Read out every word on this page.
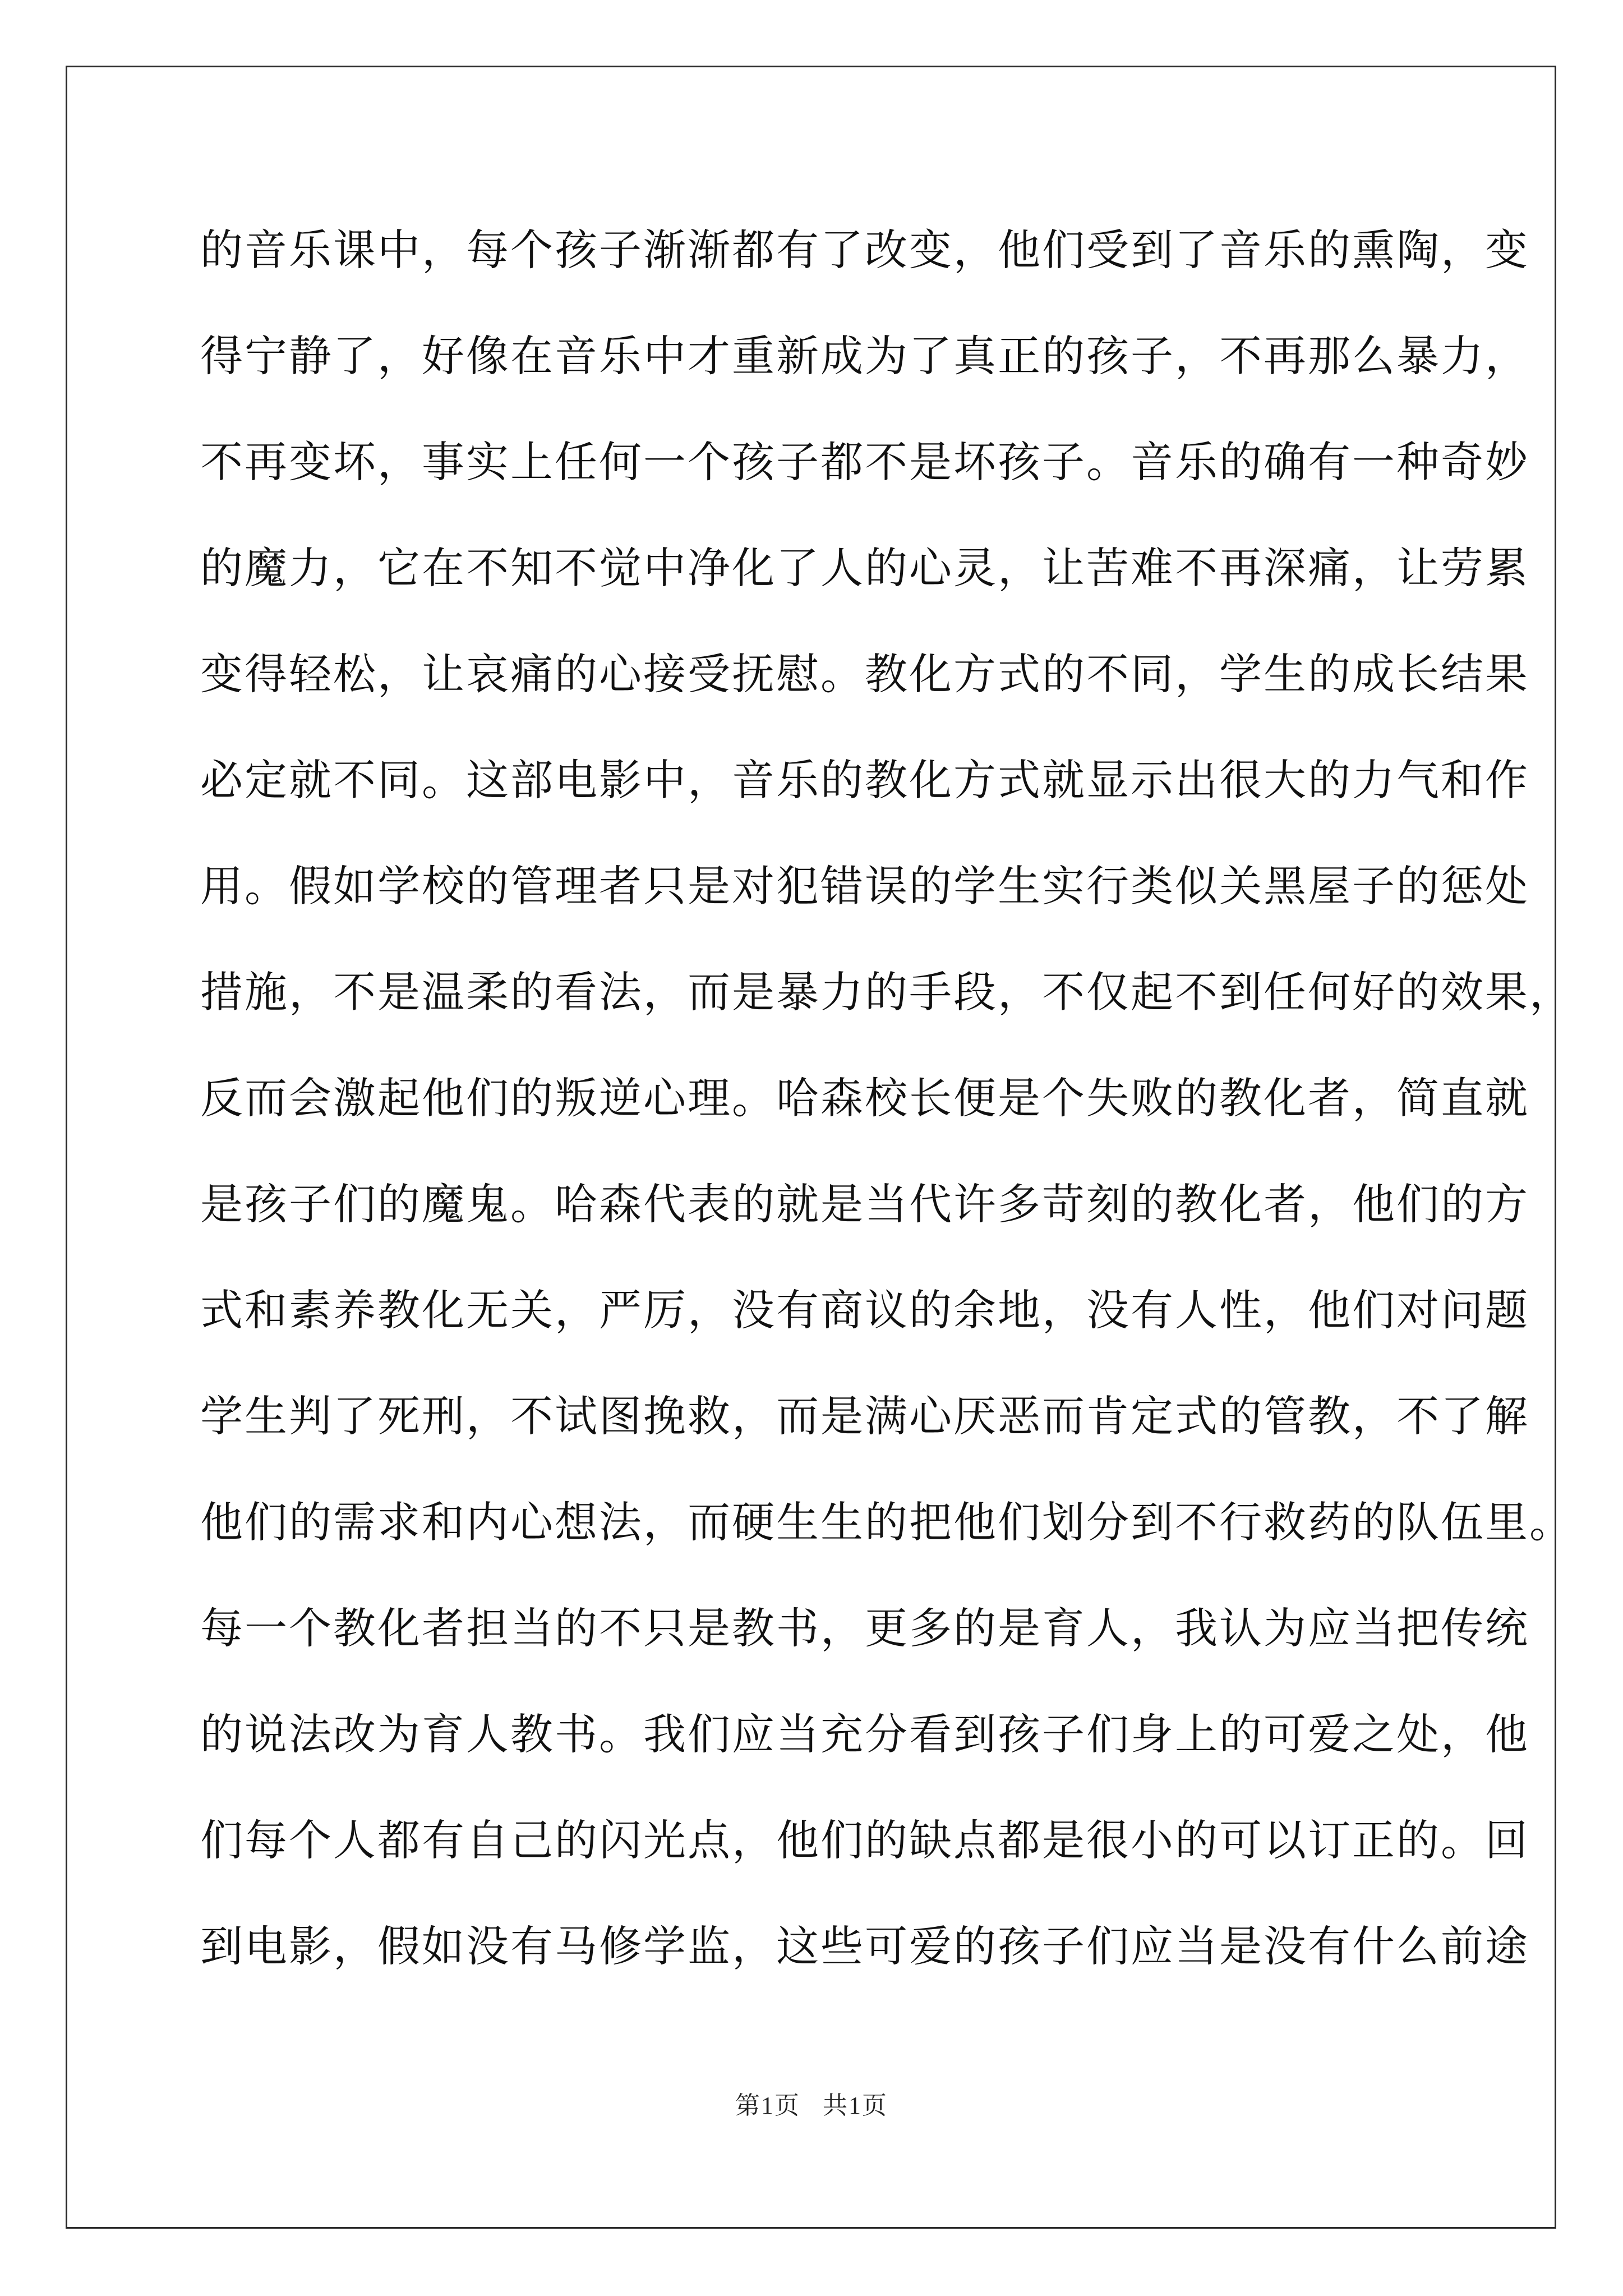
的音乐课中，每个孩子渐渐都有了改变，他们受到了音乐的熏陶，变
得宁静了，好像在音乐中才重新成为了真正的孩子，不再那么暴力，
不再变坏，事实上任何一个孩子都不是坏孩子。音乐的确有一种奇妙
的魔力，它在不知不觉中净化了人的心灵，让苦难不再深痛，让劳累
变得轻松，让哀痛的心接受抚慰。教化方式的不同，学生的成长结果
必定就不同。这部电影中，音乐的教化方式就显示出很大的力气和作
用。假如学校的管理者只是对犯错误的学生实行类似关黑屋子的惩处
措施，不是温柔的看法，而是暴力的手段，不仅起不到任何好的效果，
反而会激起他们的叛逆心理。哈森校长便是个失败的教化者，简直就
是孩子们的魔鬼。哈森代表的就是当代许多苛刻的教化者，他们的方
式和素养教化无关，严厉，没有商议的余地，没有人性，他们对问题
学生判了死刑，不试图挽救，而是满心厌恶而肯定式的管教，不了解
他们的需求和内心想法，而硬生生的把他们划分到不行救药的队伍里。
每一个教化者担当的不只是教书，更多的是育人，我认为应当把传统
的说法改为育人教书。我们应当充分看到孩子们身上的可爱之处，他
们每个人都有自己的闪光点，他们的缺点都是很小的可以订正的。回
到电影，假如没有马修学监，这些可爱的孩子们应当是没有什么前途
第1页 共1页
